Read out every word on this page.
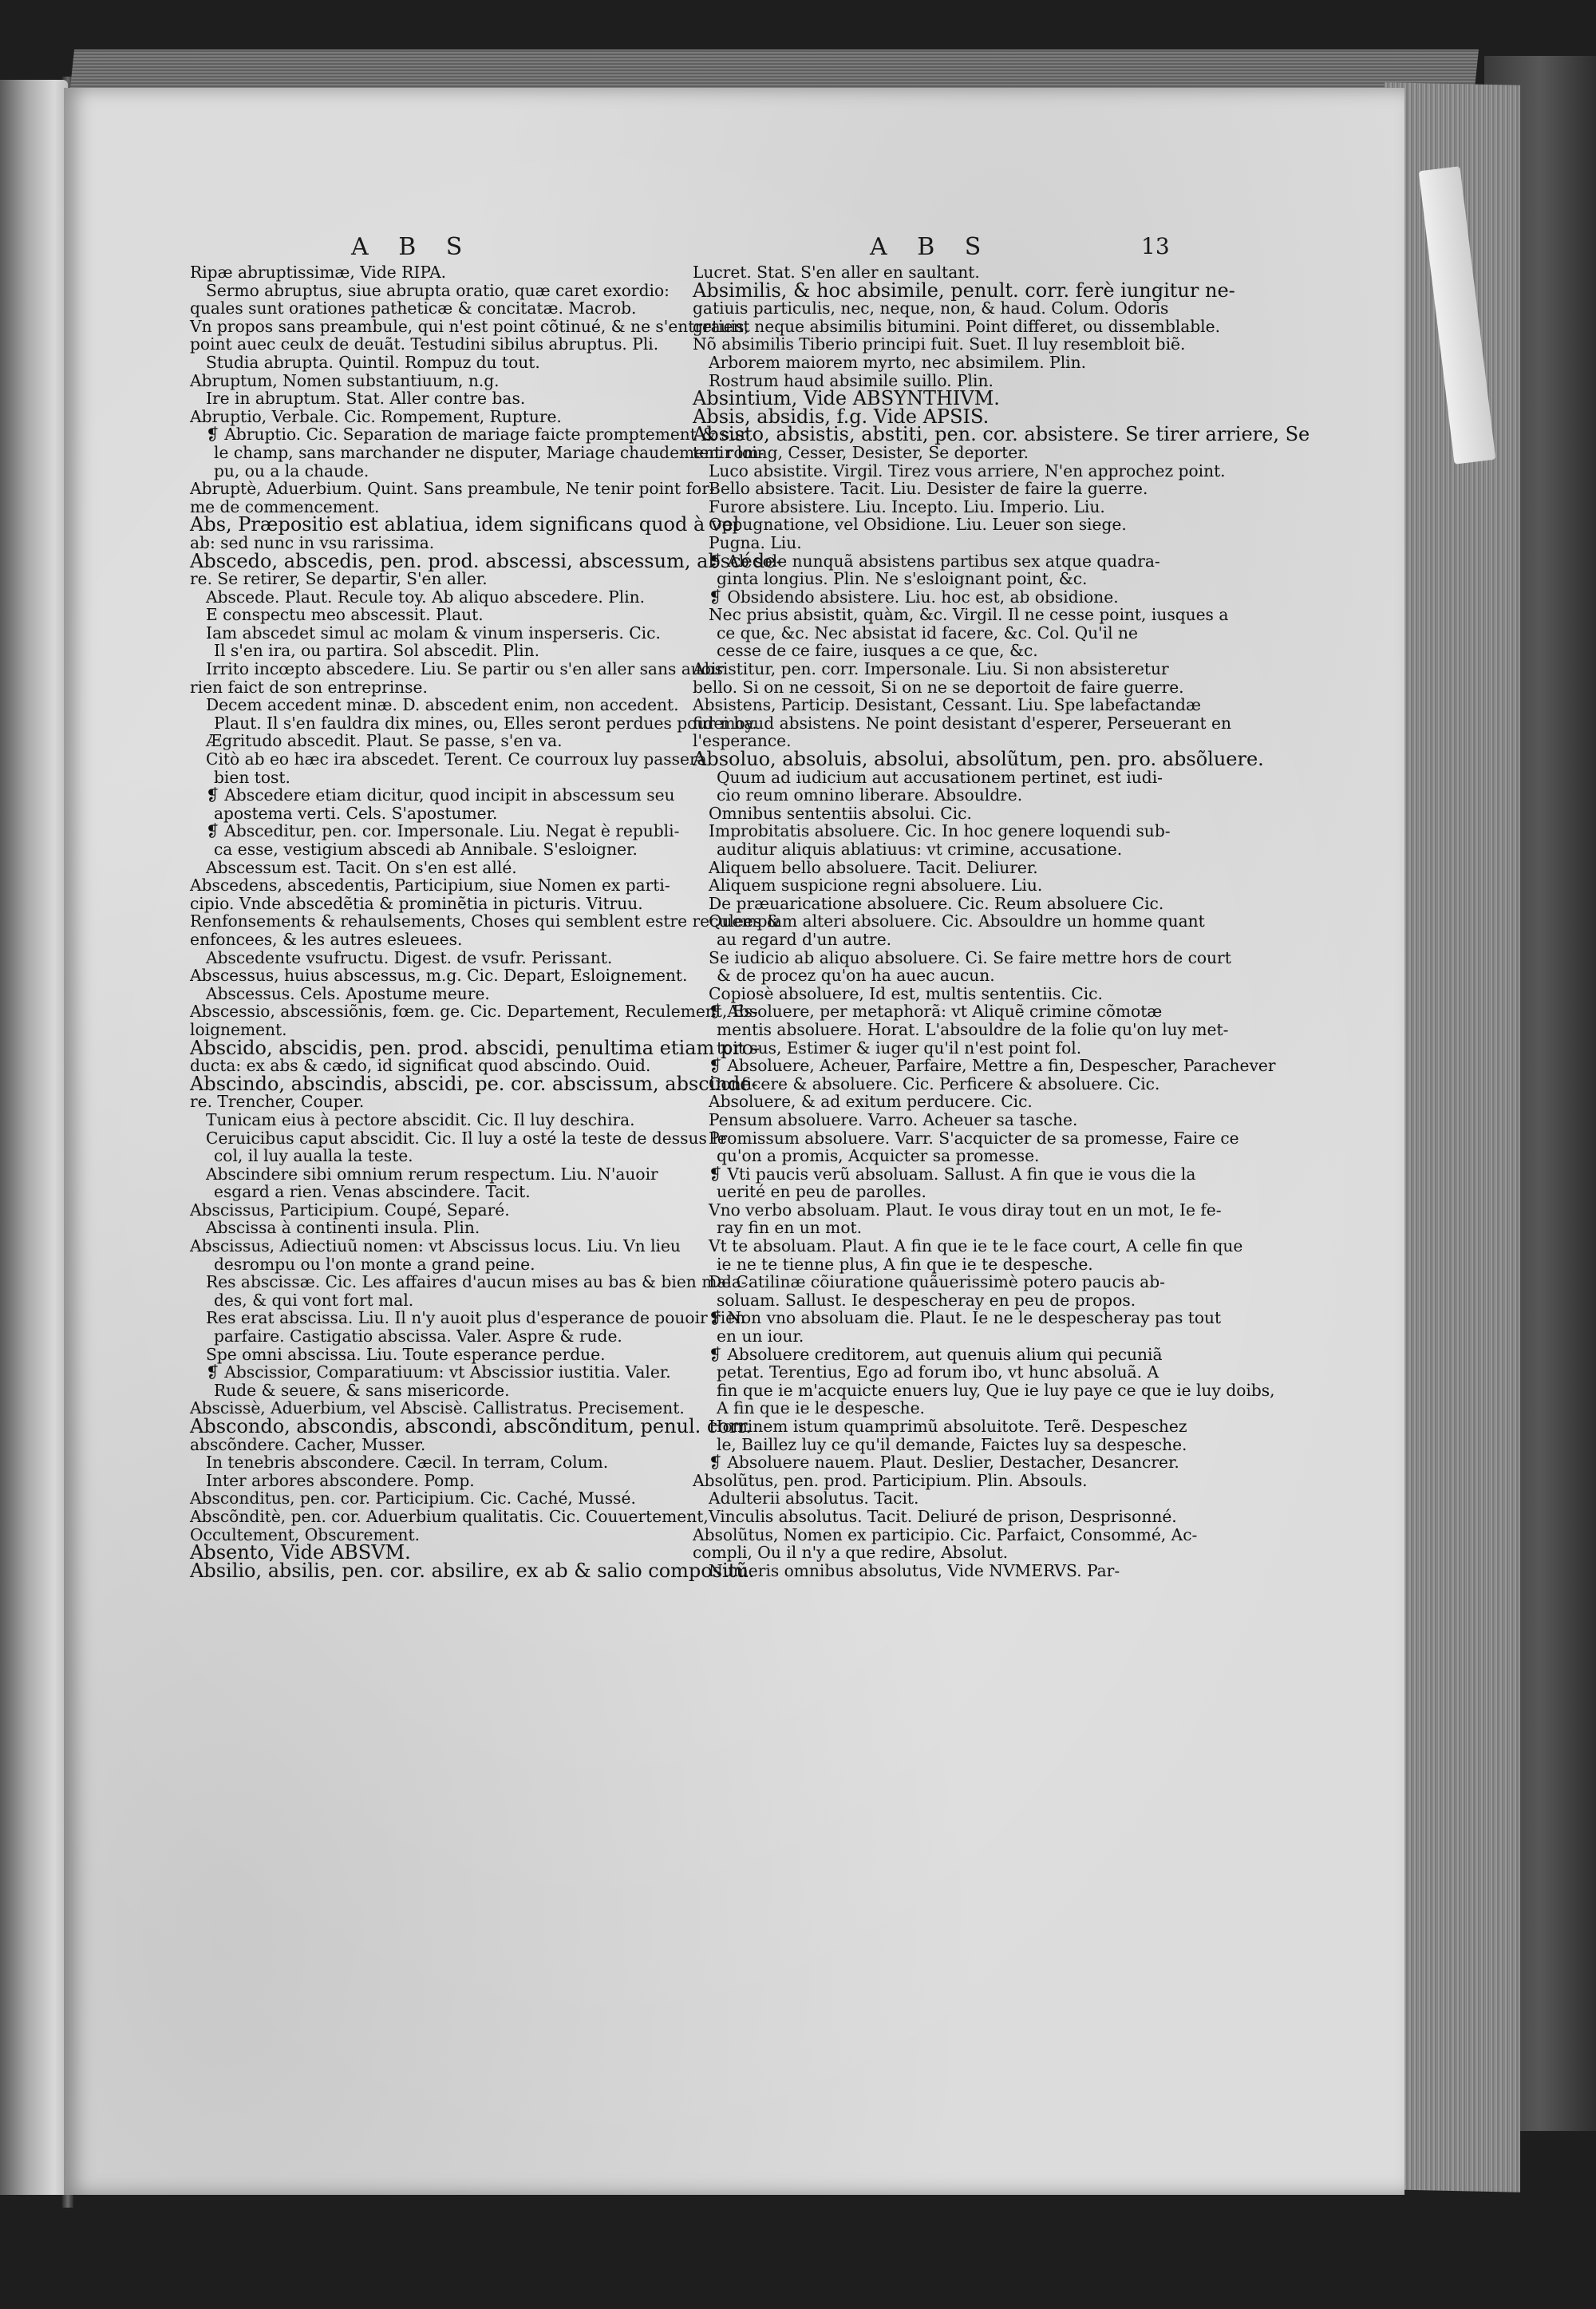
A B S	A B S	13
Ripæ abruptissimæ, Vide RIPA.
Sermo abruptus, siue abrupta oratio, quæ caret exordio:
quales sunt orationes patheticæ & concitatæ. Macrob.
Vn propos sans preambule, qui n'est point cõtinué, & ne s'entretient
point auec ceulx de deuãt. Testudini sibilus abruptus. Pli.
Studia abrupta. Quintil. Rompuz du tout.
Abruptum, Nomen substantiuum, n.g.
Ire in abruptum. Stat. Aller contre bas.
Abruptio, Verbale. Cic. Rompement, Rupture.
❡ Abruptio. Cic. Separation de mariage faicte promptement & sur
le champ, sans marchander ne disputer, Mariage chaudement rom-
pu, ou a la chaude.
Abruptè, Aduerbium. Quint. Sans preambule, Ne tenir point for-
me de commencement.
Abs, Præpositio est ablatiua, idem significans quod à vel
ab: sed nunc in vsu rarissima.
Abscedo, abscedis, pen. prod. abscessi, abscessum, abscéde-
re. Se retirer, Se departir, S'en aller.
Abscede. Plaut. Recule toy. Ab aliquo abscedere. Plin.
E conspectu meo abscessit. Plaut.
Iam abscedet simul ac molam & vinum insperseris. Cic.
Il s'en ira, ou partira. Sol abscedit. Plin.
Irrito incœpto abscedere. Liu. Se partir ou s'en aller sans auoir
rien faict de son entreprinse.
Decem accedent minæ. D. abscedent enim, non accedent.
Plaut. Il s'en fauldra dix mines, ou, Elles seront perdues pour moy.
Ægritudo abscedit. Plaut. Se passe, s'en va.
Citò ab eo hæc ira abscedet. Terent. Ce courroux luy passera
bien tost.
❡ Abscedere etiam dicitur, quod incipit in abscessum seu
apostema verti. Cels. S'apostumer.
❡ Absceditur, pen. cor. Impersonale. Liu. Negat è republi-
ca esse, vestigium abscedi ab Annibale. S'esloigner.
Abscessum est. Tacit. On s'en est allé.
Abscedens, abscedentis, Participium, siue Nomen ex parti-
cipio. Vnde abscedẽtia & prominẽtia in picturis. Vitruu.
Renfonsements & rehaulsements, Choses qui semblent estre reculees &
enfoncees, & les autres esleuees.
Abscedente vsufructu. Digest. de vsufr. Perissant.
Abscessus, huius abscessus, m.g. Cic. Depart, Esloignement.
Abscessus. Cels. Apostume meure.
Abscessio, abscessiõnis, fœm. ge. Cic. Departement, Reculement, Es-
loignement.
Abscido, abscidis, pen. prod. abscidi, penultima etiam pro-
ducta: ex abs & cædo, id significat quod abscindo. Ouid.
Abscindo, abscindis, abscidi, pe. cor. abscissum, abscinde-
re. Trencher, Couper.
Tunicam eius à pectore abscidit. Cic. Il luy deschira.
Ceruicibus caput abscidit. Cic. Il luy a osté la teste de dessus le
col, il luy aualla la teste.
Abscindere sibi omnium rerum respectum. Liu. N'auoir
esgard a rien. Venas abscindere. Tacit.
Abscissus, Participium. Coupé, Separé.
Abscissa à continenti insula. Plin.
Abscissus, Adiectiuũ nomen: vt Abscissus locus. Liu. Vn lieu
desrompu ou l'on monte a grand peine.
Res abscissæ. Cic. Les affaires d'aucun mises au bas & bien mala-
des, & qui vont fort mal.
Res erat abscissa. Liu. Il n'y auoit plus d'esperance de pouoir rien
parfaire. Castigatio abscissa. Valer. Aspre & rude.
Spe omni abscissa. Liu. Toute esperance perdue.
❡ Abscissior, Comparatiuum: vt Abscissior iustitia. Valer.
Rude & seuere, & sans misericorde.
Abscissè, Aduerbium, vel Abscisè. Callistratus. Precisement.
Abscondo, abscondis, abscondi, abscõnditum, penul. corr.
abscõndere. Cacher, Musser.
In tenebris abscondere. Cæcil. In terram, Colum.
Inter arbores abscondere. Pomp.
Absconditus, pen. cor. Participium. Cic. Caché, Mussé.
Abscõnditè, pen. cor. Aduerbium qualitatis. Cic. Couuertement,
Occultement, Obscurement.
Absento, Vide ABSVM.
Absilio, absilis, pen. cor. absilire, ex ab & salio compositũ.
Lucret. Stat. S'en aller en saultant.
Absimilis, & hoc absimile, penult. corr. ferè iungitur ne-
gatiuis particulis, nec, neque, non, & haud. Colum. Odoris
grauis, neque absimilis bitumini. Point differet, ou dissemblable.
Nõ absimilis Tiberio principi fuit. Suet. Il luy resembloit biẽ.
Arborem maiorem myrto, nec absimilem. Plin.
Rostrum haud absimile suillo. Plin.
Absintium, Vide ABSYNTHIVM.
Absis, absidis, f.g. Vide APSIS.
Absisto, absistis, abstiti, pen. cor. absistere. Se tirer arriere, Se
tenir loing, Cesser, Desister, Se deporter.
Luco absistite. Virgil. Tirez vous arriere, N'en approchez point.
Bello absistere. Tacit. Liu. Desister de faire la guerre.
Furore absistere. Liu. Incepto. Liu. Imperio. Liu.
Oppugnatione, vel Obsidione. Liu. Leuer son siege.
Pugna. Liu.
❡ Ab sole nunquã absistens partibus sex atque quadra-
ginta longius. Plin. Ne s'esloignant point, &c.
❡ Obsidendo absistere. Liu. hoc est, ab obsidione.
Nec prius absistit, quàm, &c. Virgil. Il ne cesse point, iusques a
ce que, &c. Nec absistat id facere, &c. Col. Qu'il ne
cesse de ce faire, iusques a ce que, &c.
Absistitur, pen. corr. Impersonale. Liu. Si non absisteretur
bello. Si on ne cessoit, Si on ne se deportoit de faire guerre.
Absistens, Particip. Desistant, Cessant. Liu. Spe labefactandæ
fidei haud absistens. Ne point desistant d'esperer, Perseuerant en
l'esperance.
Absoluo, absoluis, absolui, absolũtum, pen. pro. absõluere.
Quum ad iudicium aut accusationem pertinet, est iudi-
cio reum omnino liberare. Absouldre.
Omnibus sententiis absolui. Cic.
Improbitatis absoluere. Cic. In hoc genere loquendi sub-
auditur aliquis ablatiuus: vt crimine, accusatione.
Aliquem bello absoluere. Tacit. Deliurer.
Aliquem suspicione regni absoluere. Liu.
De præuaricatione absoluere. Cic. Reum absoluere Cic.
Quempiam alteri absoluere. Cic. Absouldre un homme quant
au regard d'un autre.
Se iudicio ab aliquo absoluere. Ci. Se faire mettre hors de court
& de procez qu'on ha auec aucun.
Copiosè absoluere, Id est, multis sententiis. Cic.
❡ Absoluere, per metaphorã: vt Aliquẽ crimine cõmotæ
mentis absoluere. Horat. L'absouldre de la folie qu'on luy met-
toit sus, Estimer & iuger qu'il n'est point fol.
❡ Absoluere, Acheuer, Parfaire, Mettre a fin, Despescher, Parachever
Conficere & absoluere. Cic. Perficere & absoluere. Cic.
Absoluere, & ad exitum perducere. Cic.
Pensum absoluere. Varro. Acheuer sa tasche.
Promissum absoluere. Varr. S'acquicter de sa promesse, Faire ce
qu'on a promis, Acquicter sa promesse.
❡ Vti paucis verũ absoluam. Sallust. A fin que ie vous die la
uerité en peu de parolles.
Vno verbo absoluam. Plaut. Ie vous diray tout en un mot, Ie fe-
ray fin en un mot.
Vt te absoluam. Plaut. A fin que ie te le face court, A celle fin que
ie ne te tienne plus, A fin que ie te despesche.
De Catilinæ cõiuratione quãuerissimè potero paucis ab-
soluam. Sallust. Ie despescheray en peu de propos.
❡ Non vno absoluam die. Plaut. Ie ne le despescheray pas tout
en un iour.
❡ Absoluere creditorem, aut quenuis alium qui pecuniã
petat. Terentius, Ego ad forum ibo, vt hunc absoluã. A
fin que ie m'acquicte enuers luy, Que ie luy paye ce que ie luy doibs,
A fin que ie le despesche.
Hominem istum quamprimũ absoluitote. Terẽ. Despeschez
le, Baillez luy ce qu'il demande, Faictes luy sa despesche.
❡ Absoluere nauem. Plaut. Deslier, Destacher, Desancrer.
Absolũtus, pen. prod. Participium. Plin. Absouls.
Adulterii absolutus. Tacit.
Vinculis absolutus. Tacit. Deliuré de prison, Desprisonné.
Absolũtus, Nomen ex participio. Cic. Parfaict, Consommé, Ac-
compli, Ou il n'y a que redire, Absolut.
Numeris omnibus absolutus, Vide NVMERVS. Par-
